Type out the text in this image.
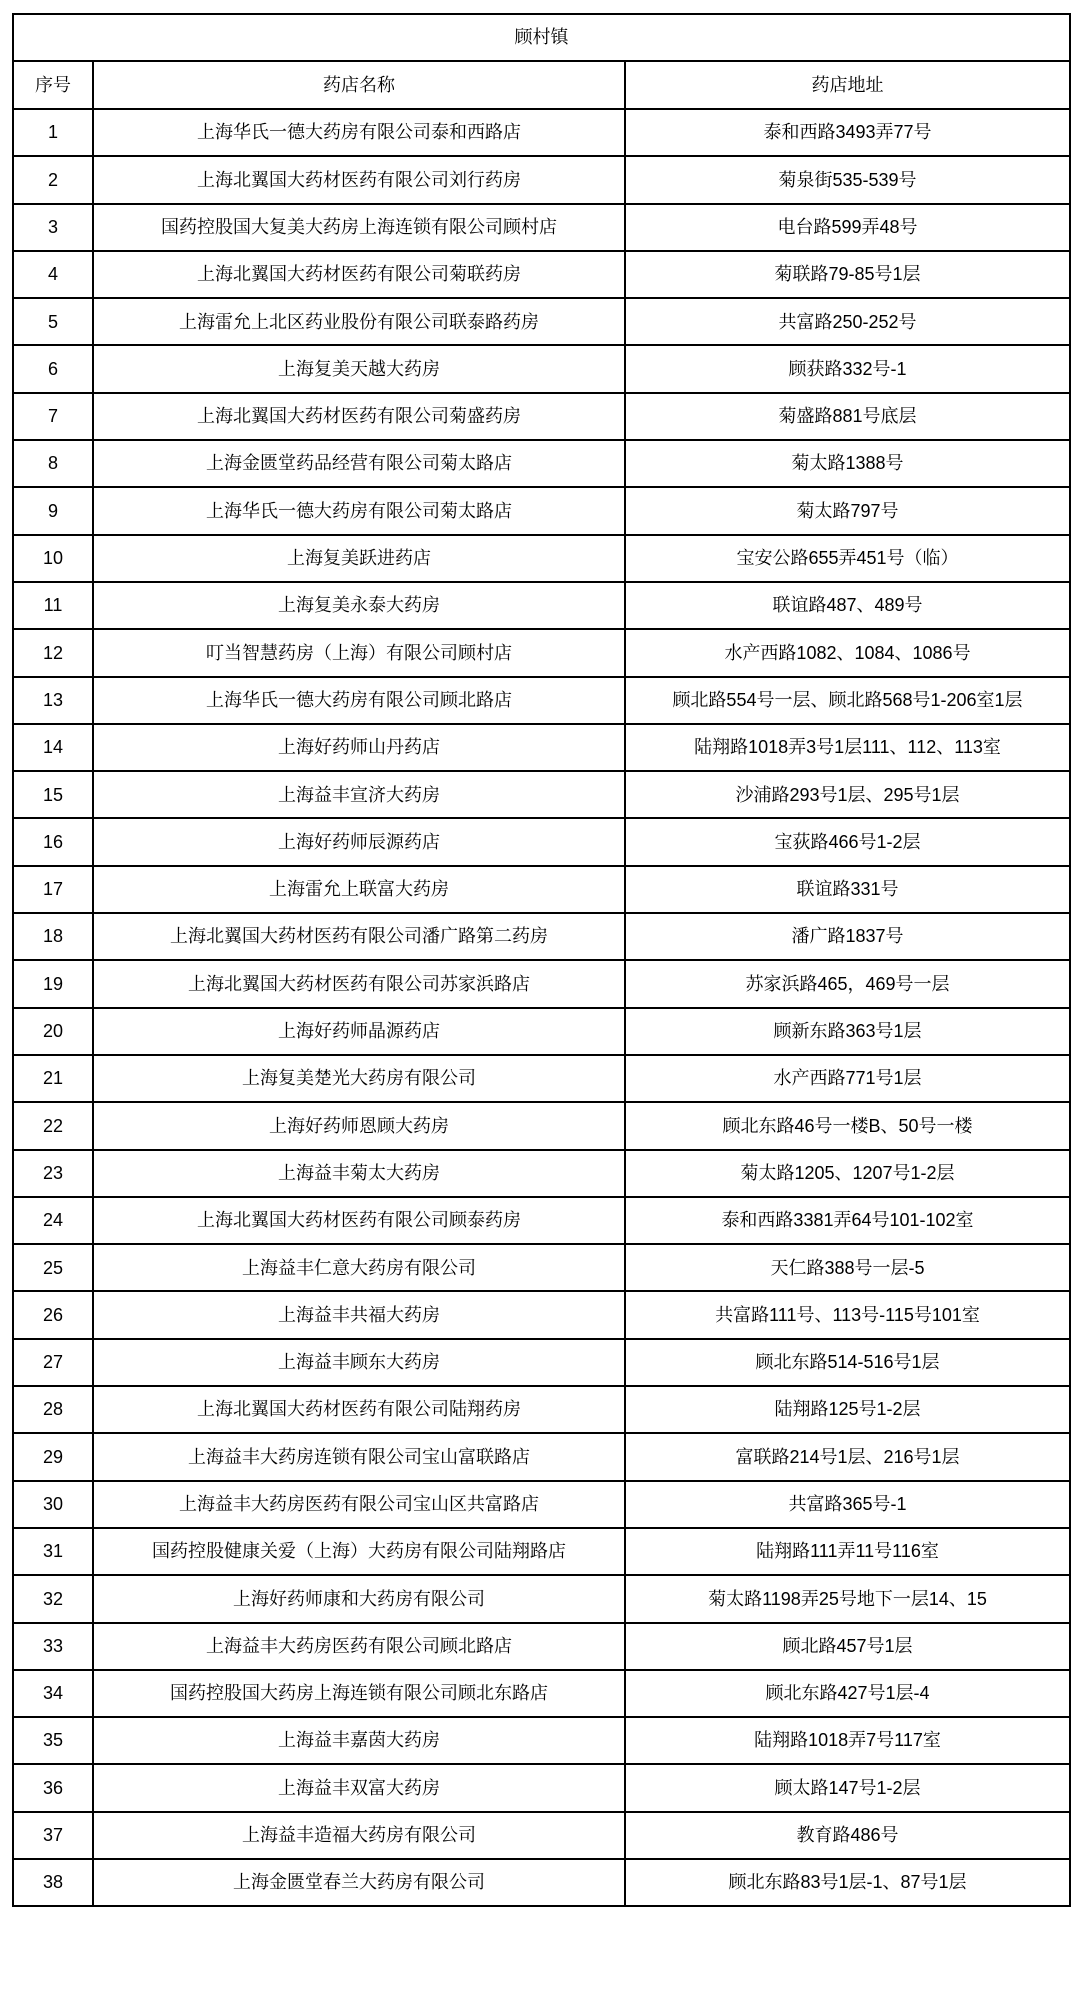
顾村镇		
序号	药店名称	药店地址
1	上海华氏一德大药房有限公司泰和西路店	泰和西路3493弄77号
2	上海北翼国大药材医药有限公司刘行药房	菊泉街535-539号
3	国药控股国大复美大药房上海连锁有限公司顾村店	电台路599弄48号
4	上海北翼国大药材医药有限公司菊联药房	菊联路79-85号1层
5	上海雷允上北区药业股份有限公司联泰路药房	共富路250-252号
6	上海复美天越大药房	顾获路332号-1
7	上海北翼国大药材医药有限公司菊盛药房	菊盛路881号底层
8	上海金匮堂药品经营有限公司菊太路店	菊太路1388号
9	上海华氏一德大药房有限公司菊太路店	菊太路797号
10	上海复美跃进药店	宝安公路655弄451号（临）
11	上海复美永泰大药房	联谊路487、489号
12	叮当智慧药房（上海）有限公司顾村店	水产西路1082、1084、1086号
13	上海华氏一德大药房有限公司顾北路店	顾北路554号一层、顾北路568号1-206室1层
14	上海好药师山丹药店	陆翔路1018弄3号1层111、112、113室
15	上海益丰宣济大药房	沙浦路293号1层、295号1层
16	上海好药师辰源药店	宝荻路466号1-2层
17	上海雷允上联富大药房	联谊路331号
18	上海北翼国大药材医药有限公司潘广路第二药房	潘广路1837号
19	上海北翼国大药材医药有限公司苏家浜路店	苏家浜路465，469号一层
20	上海好药师晶源药店	顾新东路363号1层
21	上海复美楚光大药房有限公司	水产西路771号1层
22	上海好药师恩顾大药房	顾北东路46号一楼B、50号一楼
23	上海益丰菊太大药房	菊太路1205、1207号1-2层
24	上海北翼国大药材医药有限公司顾泰药房	泰和西路3381弄64号101-102室
25	上海益丰仁意大药房有限公司	天仁路388号一层-5
26	上海益丰共福大药房	共富路111号、113号-115号101室
27	上海益丰顾东大药房	顾北东路514-516号1层
28	上海北翼国大药材医药有限公司陆翔药房	陆翔路125号1-2层
29	上海益丰大药房连锁有限公司宝山富联路店	富联路214号1层、216号1层
30	上海益丰大药房医药有限公司宝山区共富路店	共富路365号-1
31	国药控股健康关爱（上海）大药房有限公司陆翔路店	陆翔路111弄11号116室
32	上海好药师康和大药房有限公司	菊太路1198弄25号地下一层14、15
33	上海益丰大药房医药有限公司顾北路店	顾北路457号1层
34	国药控股国大药房上海连锁有限公司顾北东路店	顾北东路427号1层-4
35	上海益丰嘉茵大药房	陆翔路1018弄7号117室
36	上海益丰双富大药房	顾太路147号1-2层
37	上海益丰造福大药房有限公司	教育路486号
38	上海金匮堂春兰大药房有限公司	顾北东路83号1层-1、87号1层
